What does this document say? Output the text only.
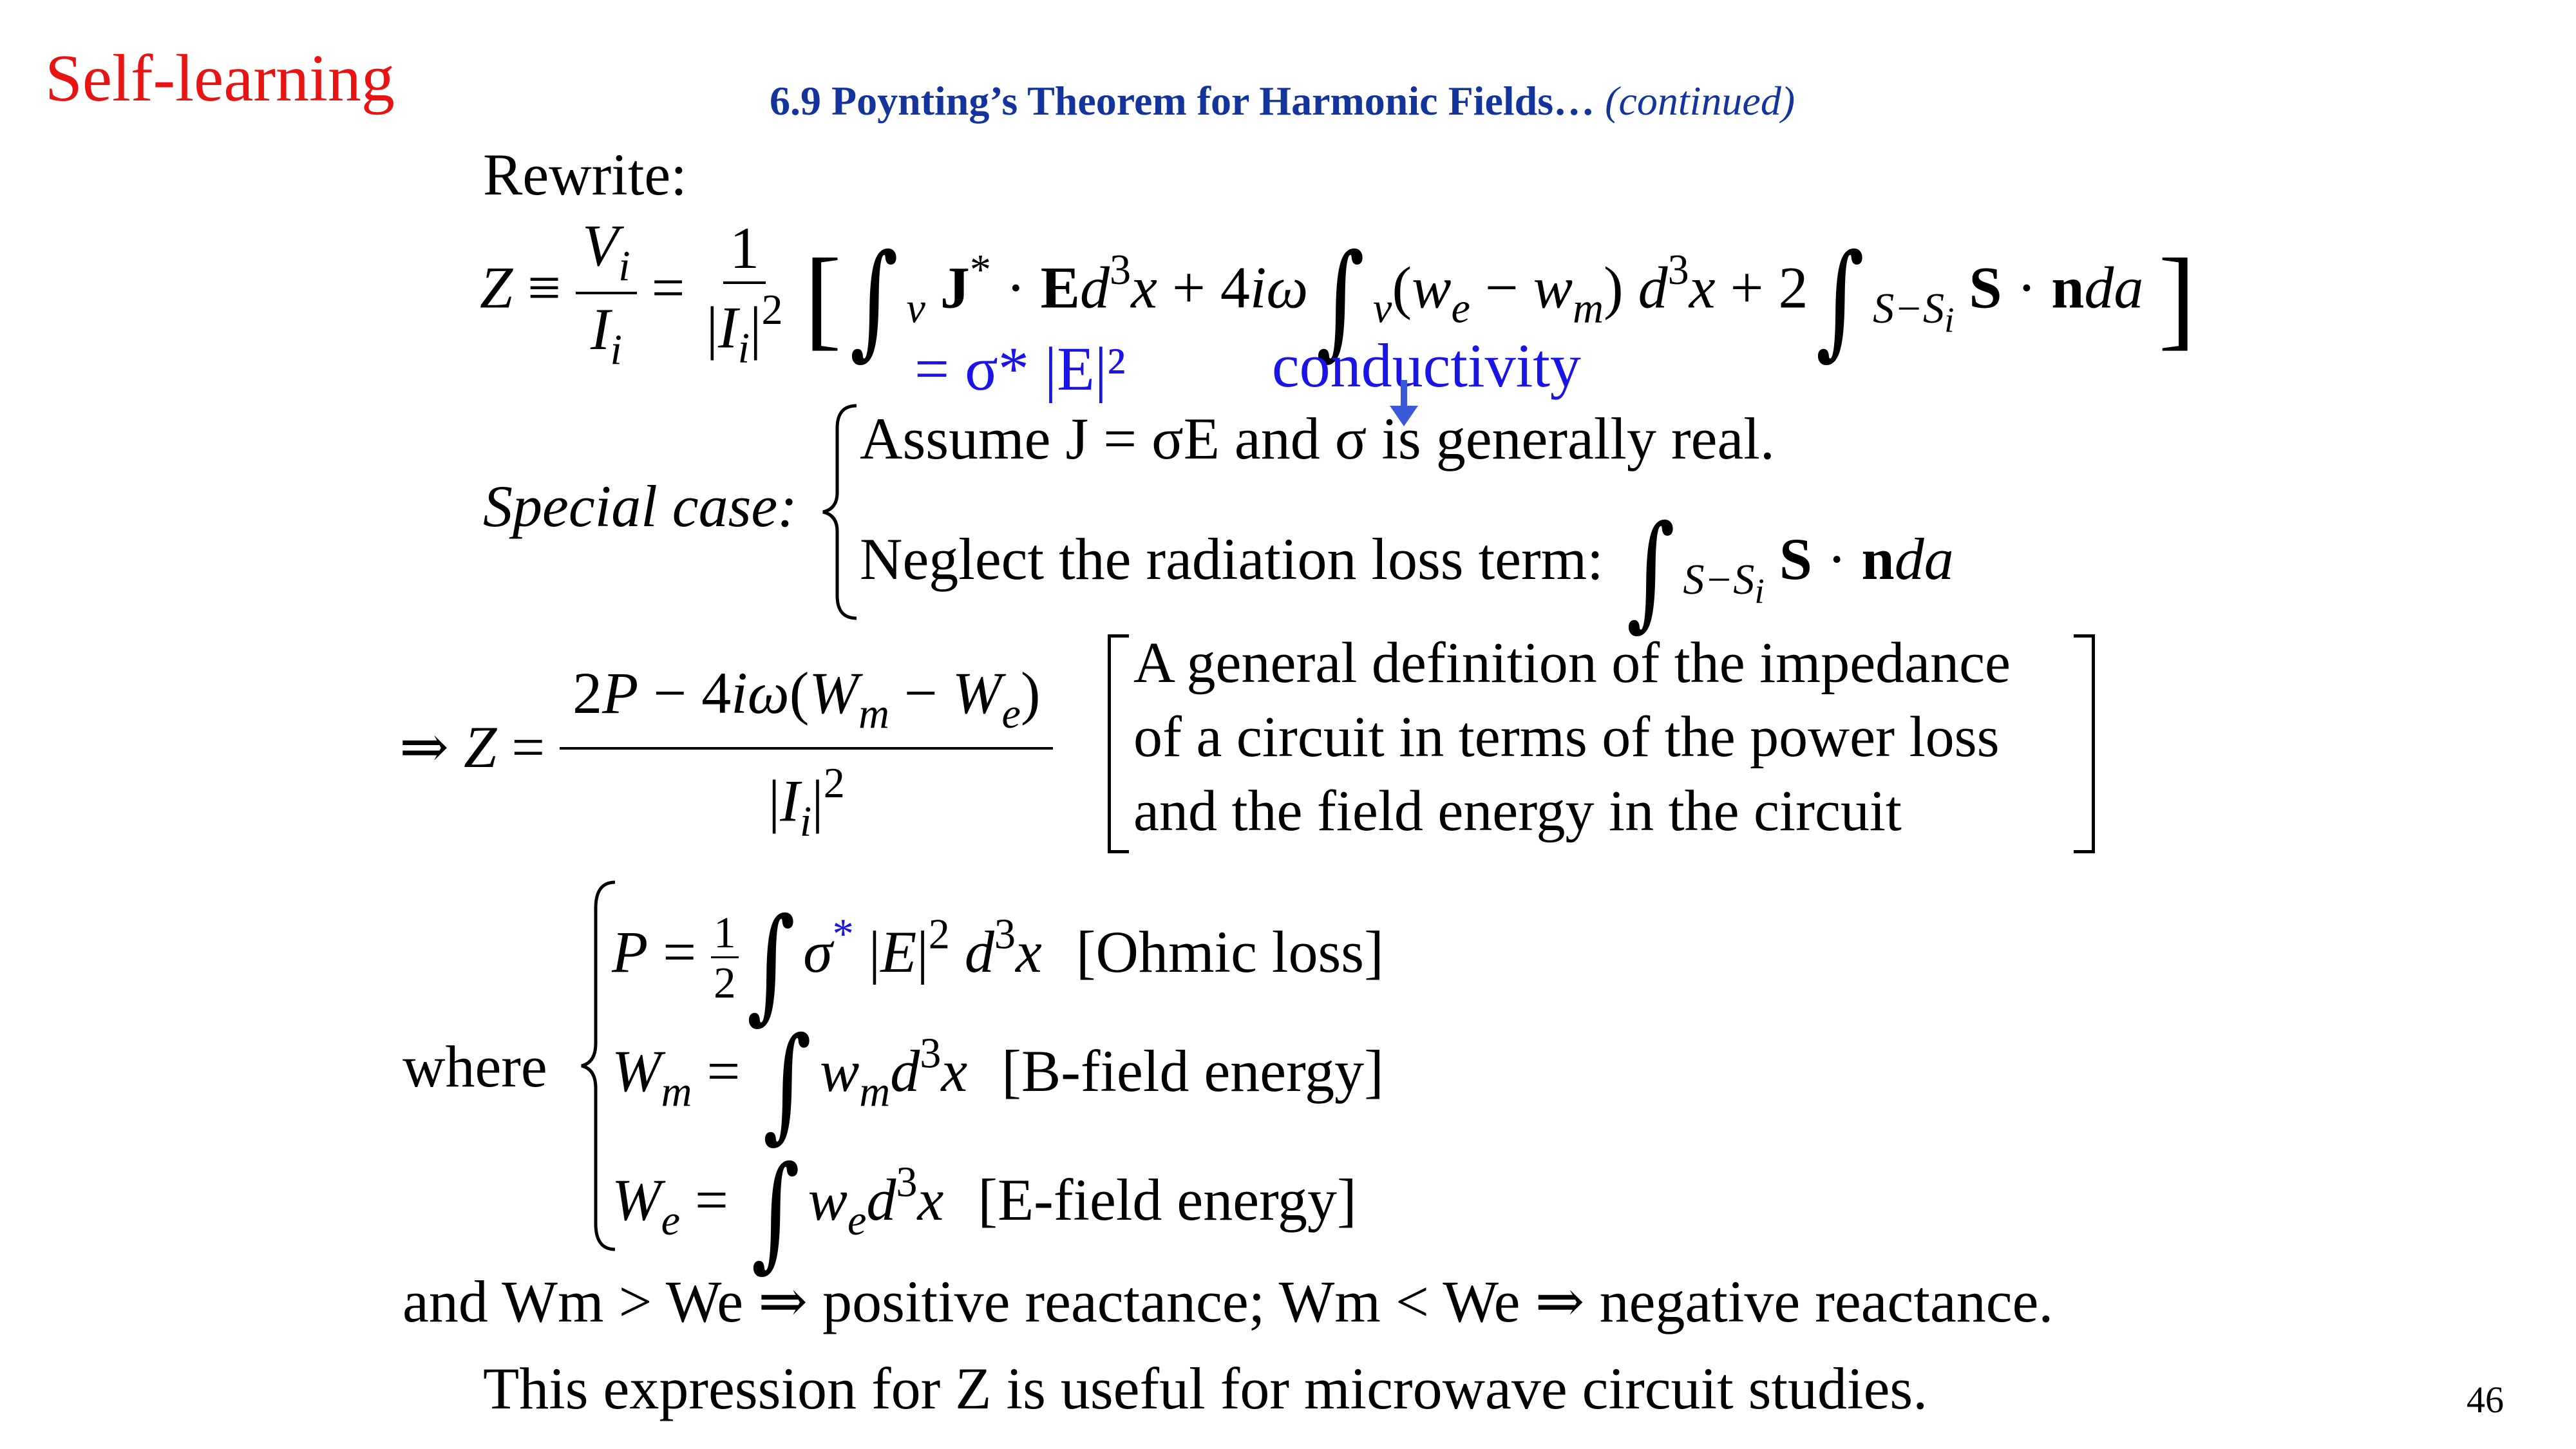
Self-learning	6.9 Poynting’s Theorem for Harmonic Fields… (continued)
Rewrite:
$Z \equiv \frac{V_i}{I_i} = \frac{1}{|I_i|^2}$ [∫ $_v$ $J^* \cdot Ed^3x + 4i\omega\int$ $_v(w_e - w_m) d^3x + 2\int$ $_{S-S_i}$ S · nda ]
= σ* |E|² conductivity
Special case:
Assume J = σE and σ is generally real.
Neglect the radiation loss term: ∫ $_{S-S_i}$ S · nda
⇒ $Z = \frac{2P - 4i\omega(W_m - W_e)}{|I_i|^2}$
A general definition of the impedance
of a circuit in terms of the power loss
and the field energy in the circuit
where
$P = \frac{1}{2}$ ∫ σ* $|E|^2$ $d^3x$ [Ohmic loss]
$W_m$ = ∫ $w_md^3x$ [B-field energy]
$W_e$ = ∫ $w_ed^3x$ [E-field energy]
and Wm > We ⇒ positive reactance; Wm < We ⇒ negative reactance.
This expression for Z is useful for microwave circuit studies.	46
